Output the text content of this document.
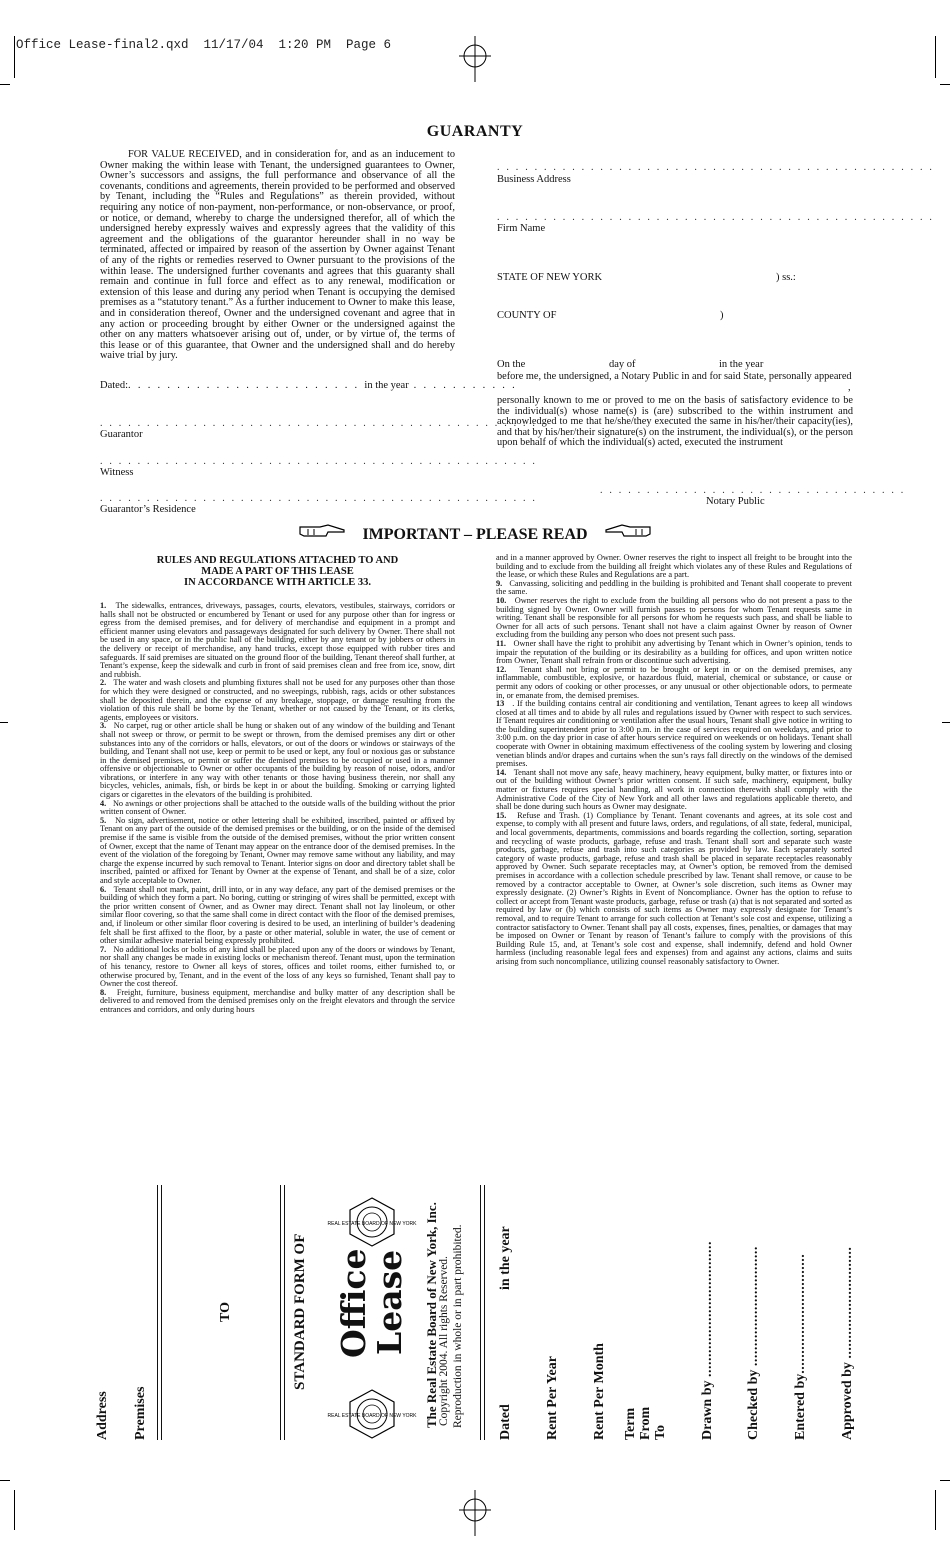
Office Lease-final2.qxd  11/17/04  1:20 PM  Page 6
GUARANTY
FOR VALUE RECEIVED, and in consideration for, and as an inducement to Owner making the within lease with Tenant, the undersigned guarantees to Owner, Owner’s successors and assigns, the full performance and observance of all the covenants, conditions and agreements, therein provided to be performed and observed by Tenant, including the “Rules and Regulations” as therein provided, without requiring any notice of non-payment, non-performance, or non-observance, or proof, or notice, or demand, whereby to charge the undersigned therefor, all of which the undersigned hereby expressly waives and expressly agrees that the validity of this agreement and the obligations of the guarantor hereunder shall in no way be terminated, affected or impaired by reason of the assertion by Owner against Tenant of any of the rights or remedies reserved to Owner pursuant to the provisions of the within lease. The undersigned further covenants and agrees that this guaranty shall remain and continue in full force and effect as to any renewal, modification or extension of this lease and during any period when Tenant is occupying the demised premises as a “statutory tenant.” As a further inducement to Owner to make this lease, and in consideration thereof, Owner and the undersigned covenant and agree that in any action or proceeding brought by either Owner or the undersigned against the other on any matters whatsoever arising out of, under, or by virtue of, the terms of this lease or of this guarantee, that Owner and the undersigned shall and do hereby waive trial by jury.
Dated:. . . . . . . . . . . . . . . . . . . . . . . . in the year . . . . . . . . . . .
. . . . . . . . . . . . . . . . . . . . . . . . . . . . . . . . . . . . . . . . . . . . . . .
Guarantor
. . . . . . . . . . . . . . . . . . . . . . . . . . . . . . . . . . . . . . . . . . . . . . .
Witness
. . . . . . . . . . . . . . . . . . . . . . . . . . . . . . . . . . . . . . . . . . . . . . .
Guarantor’s Residence
. . . . . . . . . . . . . . . . . . . . . . . . . . . . . . . . . . . . . . . . . . . . . . .
Business Address
. . . . . . . . . . . . . . . . . . . . . . . . . . . . . . . . . . . . . . . . . . . . . . .
Firm Name
STATE OF NEW YORK	) ss.:
COUNTY OF	)
On the	day of	in the year
before me, the undersigned, a Notary Public in and for said State, personally appeared
,
personally known to me or proved to me on the basis of satisfactory evidence to be the individual(s) whose name(s) is (are) subscribed to the within instrument and acknowledged to me that he/she/they executed the same in his/her/their capacity(ies), and that by his/her/their signature(s) on the instrument, the individual(s), or the person upon behalf of which the individual(s) acted, executed the instrument
. . . . . . . . . . . . . . . . . . . . . . . . . . . . . . . . .
Notary Public
IMPORTANT – PLEASE READ
RULES AND REGULATIONS ATTACHED TO AND
MADE A PART OF THIS LEASE
IN ACCORDANCE WITH ARTICLE 33.

1. The sidewalks, entrances, driveways, passages, courts, elevators, vestibules, stairways, corridors or halls shall not be obstructed or encumbered by Tenant or used for any purpose other than for ingress or egress from the demised premises, and for delivery of merchandise and equipment in a prompt and efficient manner using elevators and passageways designated for such delivery by Owner. There shall not be used in any space, or in the public hall of the building, either by any tenant or by jobbers or others in the delivery or receipt of merchandise, any hand trucks, except those equipped with rubber tires and safeguards. If said premises are situated on the ground floor of the building, Tenant thereof shall further, at Tenant’s expense, keep the sidewalk and curb in front of said premises clean and free from ice, snow, dirt and rubbish.

2. The water and wash closets and plumbing fixtures shall not be used for any purposes other than those for which they were designed or constructed, and no sweepings, rubbish, rags, acids or other substances shall be deposited therein, and the expense of any breakage, stoppage, or damage resulting from the violation of this rule shall be borne by the Tenant, whether or not caused by the Tenant, or its clerks, agents, employees or visitors.

3. No carpet, rug or other article shall be hung or shaken out of any window of the building and Tenant shall not sweep or throw, or permit to be swept or thrown, from the demised premises any dirt or other substances into any of the corridors or halls, elevators, or out of the doors or windows or stairways of the building, and Tenant shall not use, keep or permit to be used or kept, any foul or noxious gas or substance in the demised premises, or permit or suffer the demised premises to be occupied or used in a manner offensive or objectionable to Owner or other occupants of the building by reason of noise, odors, and/or vibrations, or interfere in any way with other tenants or those having business therein, nor shall any bicycles, vehicles, animals, fish, or birds be kept in or about the building. Smoking or carrying lighted cigars or cigarettes in the elevators of the building is prohibited.

4. No awnings or other projections shall be attached to the outside walls of the building without the prior written consent of Owner.

5. No sign, advertisement, notice or other lettering shall be exhibited, inscribed, painted or affixed by Tenant on any part of the outside of the demised premises or the building, or on the inside of the demised premise if the same is visible from the outside of the demised premises, without the prior written consent of Owner, except that the name of Tenant may appear on the entrance door of the demised premises. In the event of the violation of the foregoing by Tenant, Owner may remove same without any liability, and may charge the expense incurred by such removal to Tenant. Interior signs on door and directory tablet shall be inscribed, painted or affixed for Tenant by Owner at the expense of Tenant, and shall be of a size, color and style acceptable to Owner.

6. Tenant shall not mark, paint, drill into, or in any way deface, any part of the demised premises or the building of which they form a part. No boring, cutting or stringing of wires shall be permitted, except with the prior written consent of Owner, and as Owner may direct. Tenant shall not lay linoleum, or other similar floor covering, so that the same shall come in direct contact with the floor of the demised premises, and, if linoleum or other similar floor covering is desired to be used, an interlining of builder’s deadening felt shall be first affixed to the floor, by a paste or other material, soluble in water, the use of cement or other similar adhesive material being expressly prohibited.

7. No additional locks or bolts of any kind shall be placed upon any of the doors or windows by Tenant, nor shall any changes be made in existing locks or mechanism thereof. Tenant must, upon the termination of his tenancy, restore to Owner all keys of stores, offices and toilet rooms, either furnished to, or otherwise procured by, Tenant, and in the event of the loss of any keys so furnished, Tenant shall pay to Owner the cost thereof.

8. Freight, furniture, business equipment, merchandise and bulky matter of any description shall be delivered to and removed from the demised premises only on the freight elevators and through the service entrances and corridors, and only during hours

and in a manner approved by Owner. Owner reserves the right to inspect all freight to be brought into the building and to exclude from the building all freight which violates any of these Rules and Regulations of the lease, or which these Rules and Regulations are a part.

9. Canvassing, soliciting and peddling in the building is prohibited and Tenant shall cooperate to prevent the same.

10. Owner reserves the right to exclude from the building all persons who do not present a pass to the building signed by Owner. Owner will furnish passes to persons for whom Tenant requests same in writing. Tenant shall be responsible for all persons for whom he requests such pass, and shall be liable to Owner for all acts of such persons. Tenant shall not have a claim against Owner by reason of Owner excluding from the building any person who does not present such pass.

11. Owner shall have the right to prohibit any advertising by Tenant which in Owner’s opinion, tends to impair the reputation of the building or its desirability as a building for offices, and upon written notice from Owner, Tenant shall refrain from or discontinue such advertising.

12. Tenant shall not bring or permit to be brought or kept in or on the demised premises, any inflammable, combustible, explosive, or hazardous fluid, material, chemical or substance, or cause or permit any odors of cooking or other processes, or any unusual or other objectionable odors, to permeate in, or emanate from, the demised premises.

13 . If the building contains central air conditioning and ventilation, Tenant agrees to keep all windows closed at all times and to abide by all rules and regulations issued by Owner with respect to such services. If Tenant requires air conditioning or ventilation after the usual hours, Tenant shall give notice in writing to the building superintendent prior to 3:00 p.m. in the case of services required on weekdays, and prior to 3:00 p.m. on the day prior in case of after hours service required on weekends or on holidays. Tenant shall cooperate with Owner in obtaining maximum effectiveness of the cooling system by lowering and closing venetian blinds and/or drapes and curtains when the sun’s rays fall directly on the windows of the demised premises.

14. Tenant shall not move any safe, heavy machinery, heavy equipment, bulky matter, or fixtures into or out of the building without Owner’s prior written consent. If such safe, machinery, equipment, bulky matter or fixtures requires special handling, all work in connection therewith shall comply with the Administrative Code of the City of New York and all other laws and regulations applicable thereto, and shall be done during such hours as Owner may designate.

15. Refuse and Trash. (1) Compliance by Tenant. Tenant covenants and agrees, at its sole cost and expense, to comply with all present and future laws, orders, and regulations, of all state, federal, municipal, and local governments, departments, commissions and boards regarding the collection, sorting, separation and recycling of waste products, garbage, refuse and trash. Tenant shall sort and separate such waste products, garbage, refuse and trash into such categories as provided by law. Each separately sorted category of waste products, garbage, refuse and trash shall be placed in separate receptacles reasonably approved by Owner. Such separate receptacles may, at Owner’s option, be removed from the demised premises in accordance with a collection schedule prescribed by law. Tenant shall remove, or cause to be removed by a contractor acceptable to Owner, at Owner’s sole discretion, such items as Owner may expressly designate. (2) Owner’s Rights in Event of Noncompliance. Owner has the option to refuse to collect or accept from Tenant waste products, garbage, refuse or trash (a) that is not separated and sorted as required by law or (b) which consists of such items as Owner may expressly designate for Tenant’s removal, and to require Tenant to arrange for such collection at Tenant’s sole cost and expense, utilizing a contractor satisfactory to Owner. Tenant shall pay all costs, expenses, fines, penalties, or damages that may be imposed on Owner or Tenant by reason of Tenant’s failure to comply with the provisions of this Building Rule 15, and, at Tenant’s sole cost and expense, shall indemnify, defend and hold Owner harmless (including reasonable legal fees and expenses) from and against any actions, claims and suits arising from such noncompliance, utilizing counsel reasonably satisfactory to Owner.

Address Premises
TO	STANDARD FORM OF Office
Lease The Real Estate Board of New York, Inc. Copyright 2004. All rights Reserved. Reproduction in whole or in part prohibited.
REAL ESTATE BOARD OF NEW YORK
REAL ESTATE BOARD OF NEW YORK	Dated
in the year
Rent Per Year Rent Per Month Term From To Drawn by ..................................
Checked by ..............................
Entered by..............................
Approved by ............................
